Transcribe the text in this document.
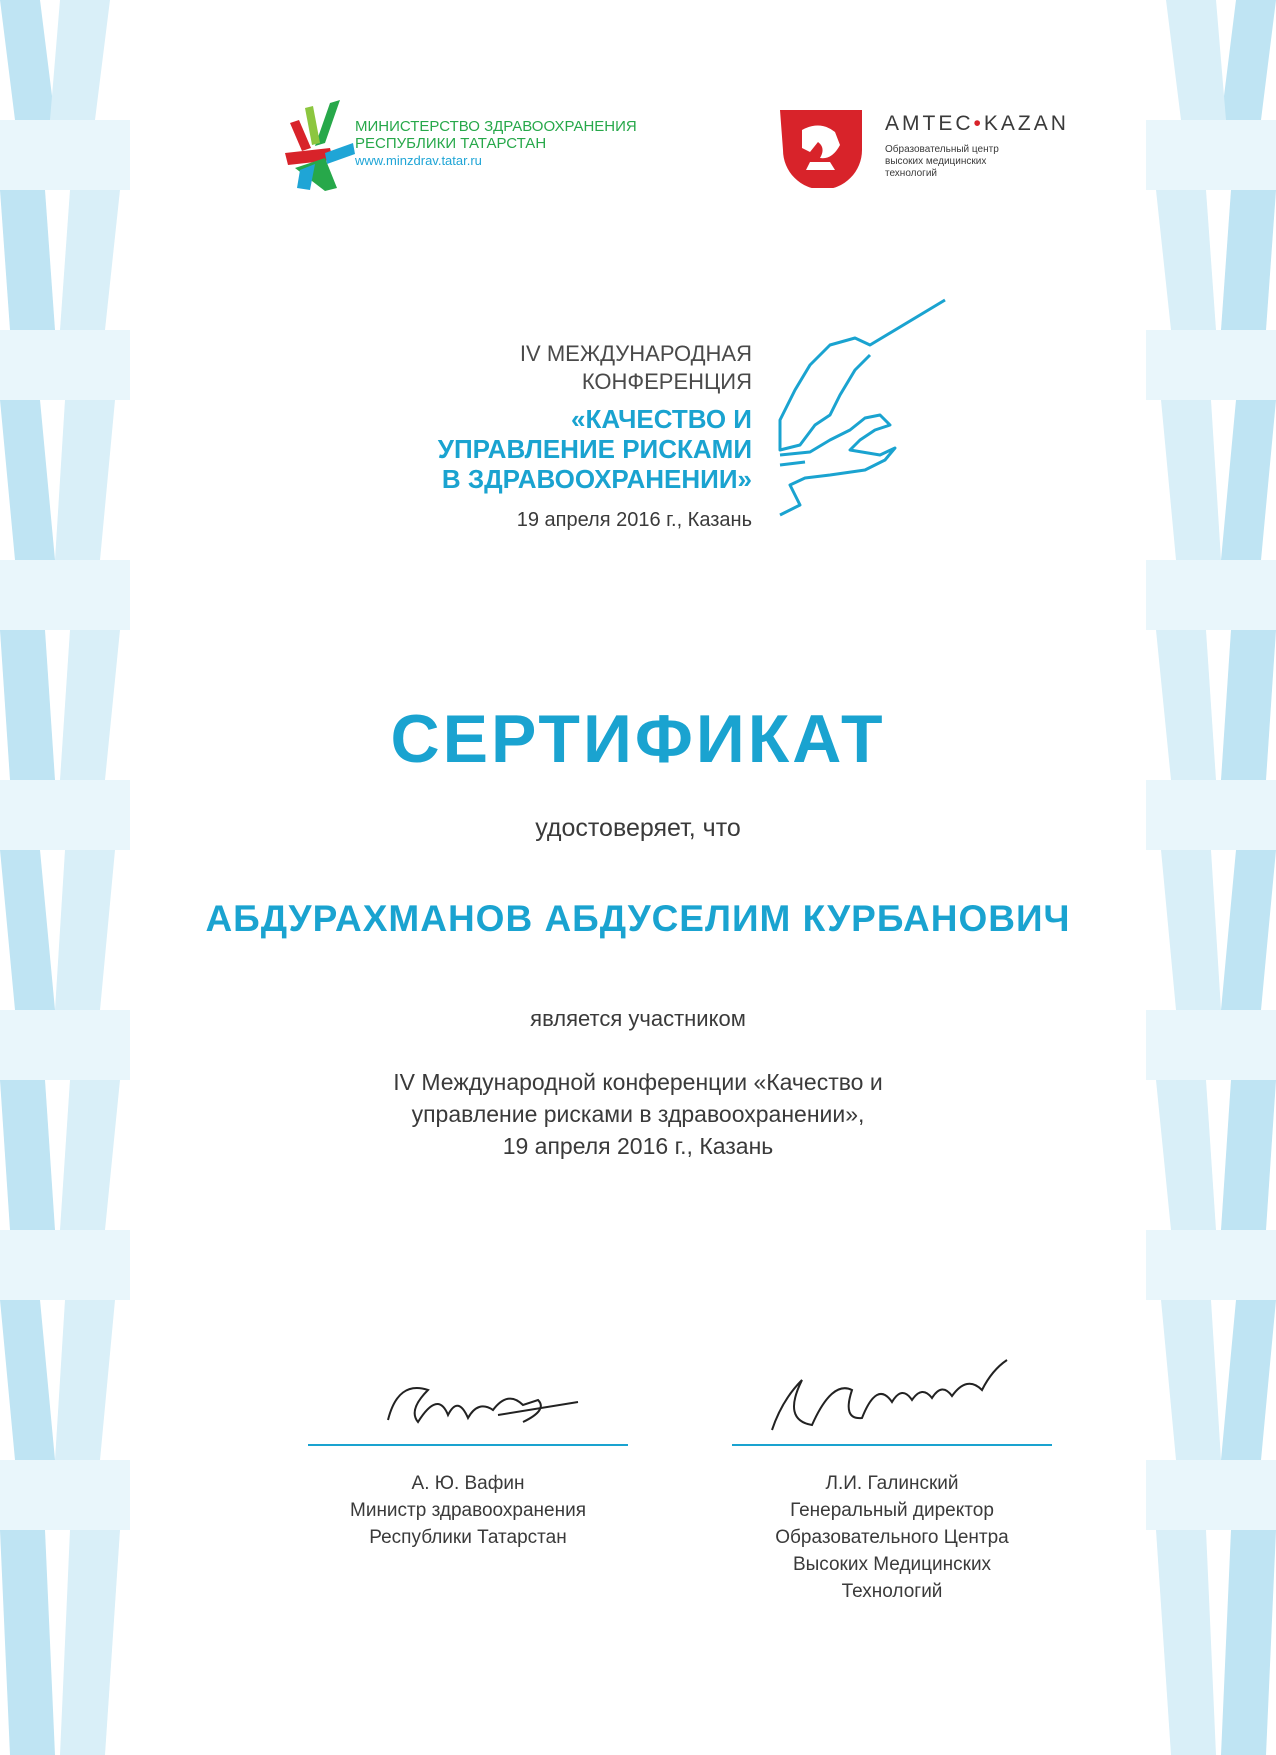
МИНИСТЕРСТВО ЗДРАВООХРАНЕНИЯ
РЕСПУБЛИКИ ТАТАРСТАН
www.minzdrav.tatar.ru
AMTEC•KAZAN
Образовательный центр
высоких медицинских
технологий
IV МЕЖДУНАРОДНАЯ
КОНФЕРЕНЦИЯ
«КАЧЕСТВО И
УПРАВЛЕНИЕ РИСКАМИ
В ЗДРАВООХРАНЕНИИ»
19 апреля 2016 г., Казань
СЕРТИФИКАТ
удостоверяет, что
АБДУРАХМАНОВ АБДУСЕЛИМ КУРБАНОВИЧ
является участником
IV Международной конференции «Качество и
управление рисками в здравоохранении»,
19 апреля 2016 г., Казань
А. Ю. Вафин
Министр здравоохранения
Республики Татарстан
Л.И. Галинский
Генеральный директор
Образовательного Центра
Высоких Медицинских
Технологий
